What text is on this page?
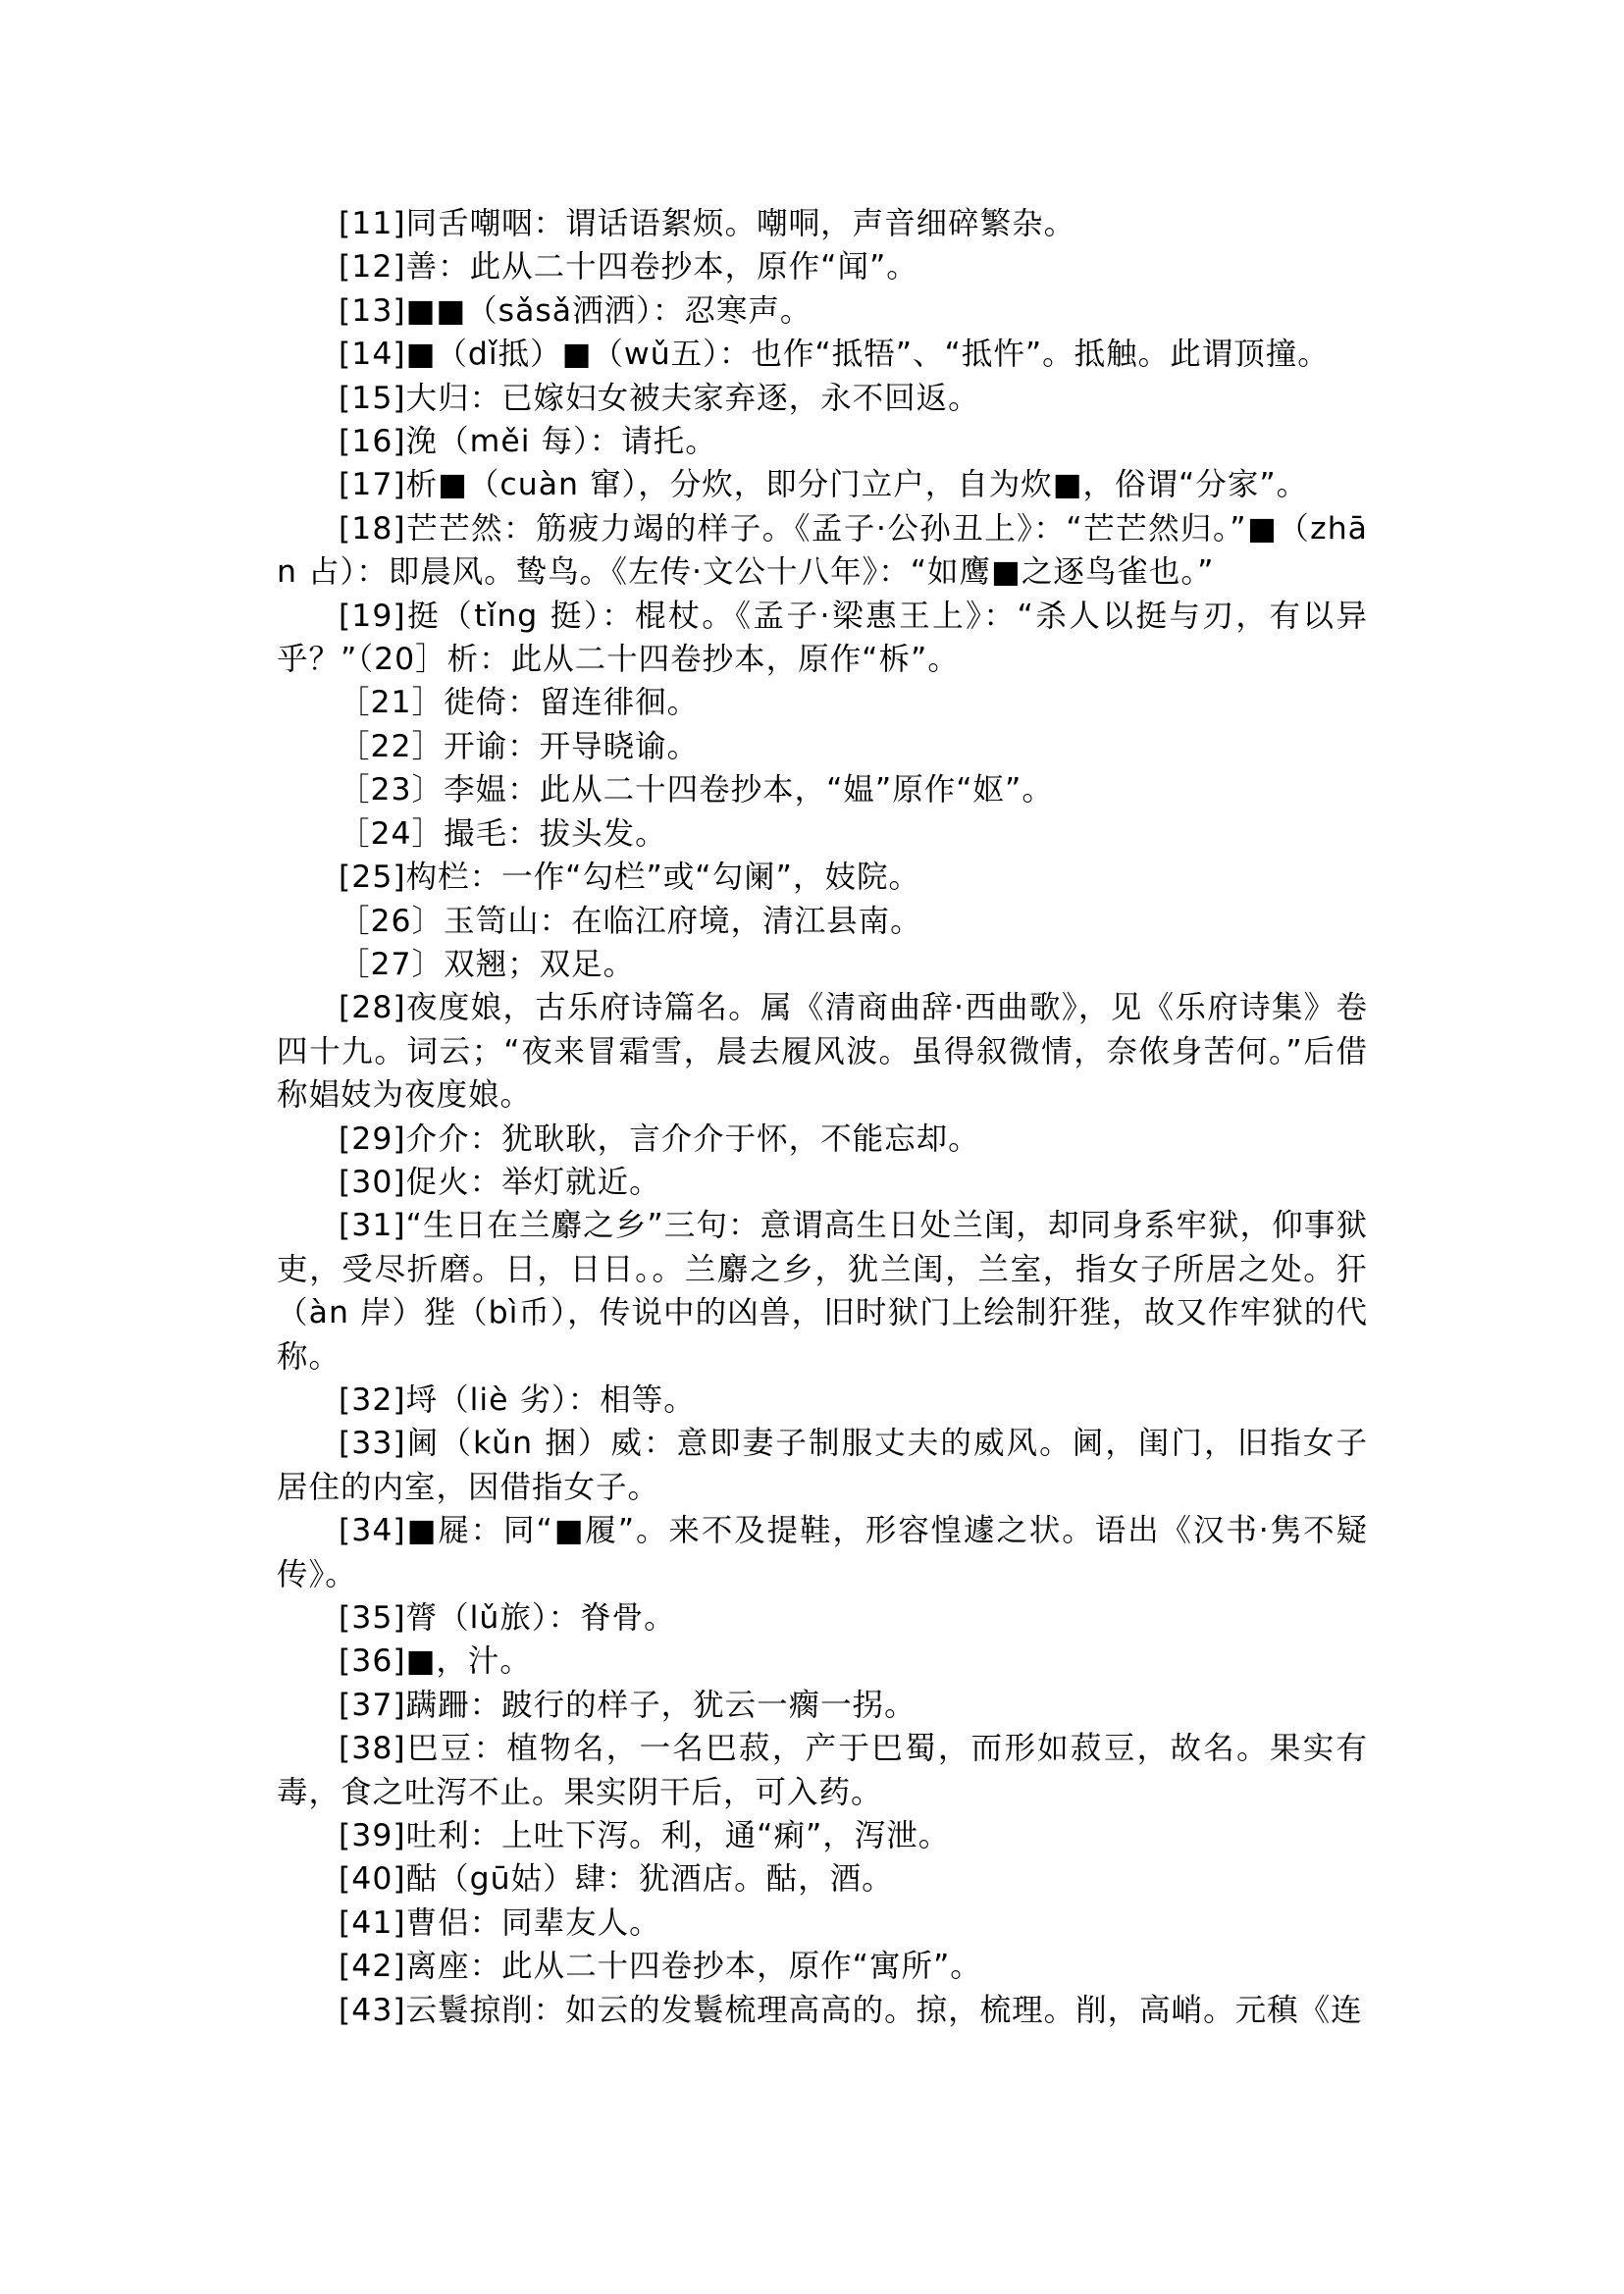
[11]同舌嘲咽：谓话语絮烦。嘲哃，声音细碎繁杂。

[12]善：此从二十四卷抄本，原作“闻”。

[13]■■（sǎsǎ洒洒）：忍寒声。

[14]■（dǐ抵）■（wǔ五）：也作“抵牾”、“抵忤”。抵触。此谓顶撞。

[15]大归：已嫁妇女被夫家弃逐，永不回返。

[16]浼（měi 每）：请托。

[17]析■（cuàn 窜），分炊，即分门立户，自为炊■，俗谓“分家”。

[18]芒芒然：筋疲力竭的样子。《孟子·公孙丑上》：“芒芒然归。”■（zhān 占）：即晨风。鸷鸟。《左传·文公十八年》：“如鹰■之逐鸟雀也。”

[19]挺（tǐng 挺）：棍杖。《孟子·梁惠王上》：“杀人以挺与刃，有以异乎？”（20］析：此从二十四卷抄本，原作“柝”。

［21］徙倚：留连徘徊。

［22］开谕：开导晓谕。

［23〕李媪：此从二十四卷抄本，“媪”原作“妪”。

［24］撮毛：拔头发。

[25]构栏：一作“勾栏”或“勾阑”，妓院。

［26〕玉笥山：在临江府境，清江县南。

［27〕双翘；双足。

[28]夜度娘，古乐府诗篇名。属《清商曲辞·西曲歌》，见《乐府诗集》卷四十九。词云；“夜来冒霜雪，晨去履风波。虽得叙微情，奈侬身苦何。”后借称娼妓为夜度娘。

[29]介介：犹耿耿，言介介于怀，不能忘却。

[30]促火：举灯就近。

[31]“生日在兰麝之乡”三句：意谓高生日处兰闺，却同身系牢狱，仰事狱吏，受尽折磨。日，日日。。兰麝之乡，犹兰闺，兰室，指女子所居之处。犴（àn 岸）狴（bì币），传说中的凶兽，旧时狱门上绘制犴狴，故又作牢狱的代称。

[32]埒（liè 劣）：相等。

[33]阃（kǔn 捆）威：意即妻子制服丈夫的威风。阃，闺门，旧指女子居住的内室，因借指女子。

[34]■屣：同“■履”。来不及提鞋，形容惶遽之状。语出《汉书·隽不疑传》。

[35]膂（lǔ旅）：脊骨。

[36]■，汁。

[37]蹒跚：跛行的样子，犹云一瘸一拐。

[38]巴豆：植物名，一名巴菽，产于巴蜀，而形如菽豆，故名。果实有毒，食之吐泻不止。果实阴干后，可入药。

[39]吐利：上吐下泻。利，通“痢”，泻泄。

[40]酤（gū姑）肆：犹酒店。酤，酒。

[41]曹侣：同辈友人。

[42]离座：此从二十四卷抄本，原作“寓所”。

[43]云鬟掠削：如云的发鬟梳理高高的。掠，梳理。削，高峭。元稹《连
